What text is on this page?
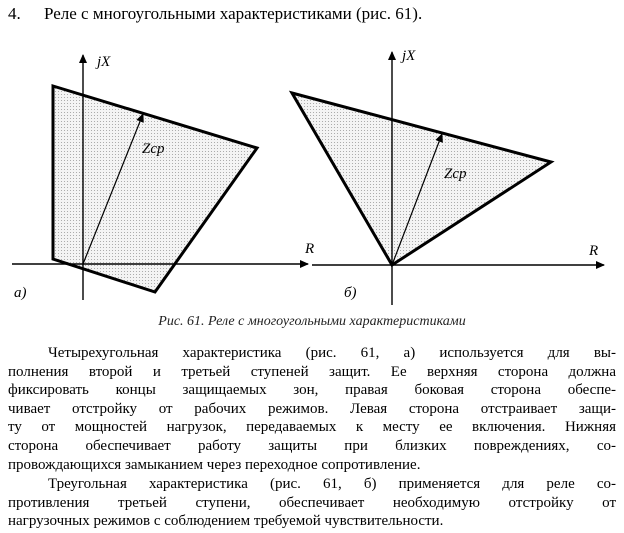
4. Реле с многоугольными характеристиками (рис. 61).
jX
R
Zср
а)
jX
R
Zср
б)
Рис. 61. Реле с многоугольными характеристиками
Четырехугольная характеристика (рис. 61, а) используется для вы-
полнения второй и третьей ступеней защит. Ее верхняя сторона должна
фиксировать концы защищаемых зон, правая боковая сторона обеспе-
чивает отстройку от рабочих режимов. Левая сторона отстраивает защи-
ту от мощностей нагрузок, передаваемых к месту ее включения. Нижняя
сторона обеспечивает работу защиты при близких повреждениях, со-
провождающихся замыканием через переходное сопротивление.
Треугольная характеристика (рис. 61, б) применяется для реле со-
противления третьей ступени, обеспечивает необходимую отстройку от
нагрузочных режимов с соблюдением требуемой чувствительности.
